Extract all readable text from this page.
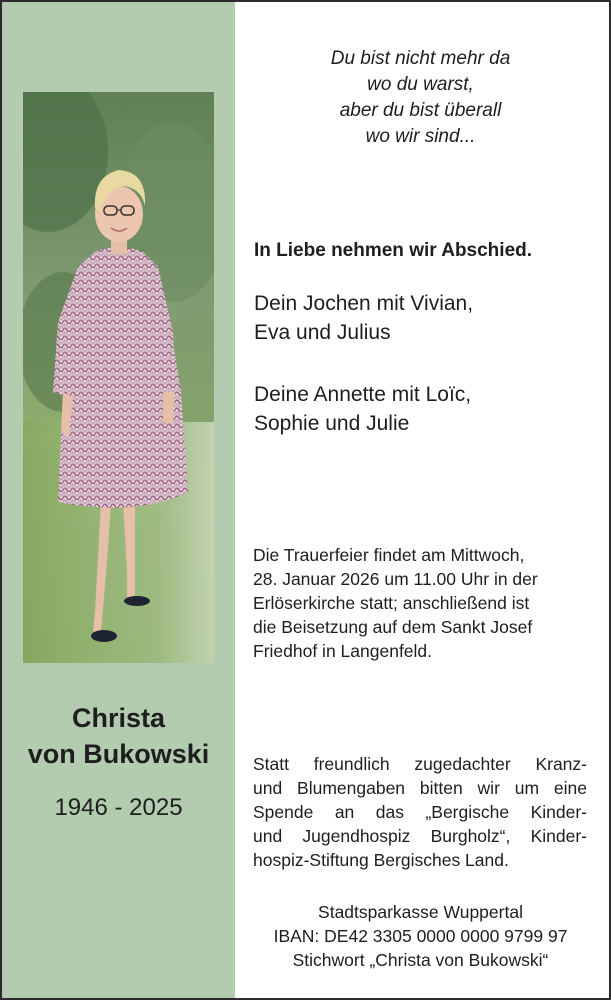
Christa
von Bukowski
1946 - 2025
Du bist nicht mehr da
wo du warst,
aber du bist überall
wo wir sind...
In Liebe nehmen wir Abschied.
Dein Jochen mit Vivian,
Eva und Julius
Deine Annette mit Loïc,
Sophie und Julie
Die Trauerfeier findet am Mittwoch,
28. Januar 2026 um 11.00 Uhr in der
Erlöserkirche statt; anschließend ist
die Beisetzung auf dem Sankt Josef
Friedhof in Langenfeld.
Statt freundlich zugedachter Kranz-
und Blumengaben bitten wir um eine
Spende an das „Bergische Kinder-
und Jugendhospiz Burgholz“, Kinder-
hospiz-Stiftung Bergisches Land.
Stadtsparkasse Wuppertal
IBAN: DE42 3305 0000 0000 9799 97
Stichwort „Christa von Bukowski“
